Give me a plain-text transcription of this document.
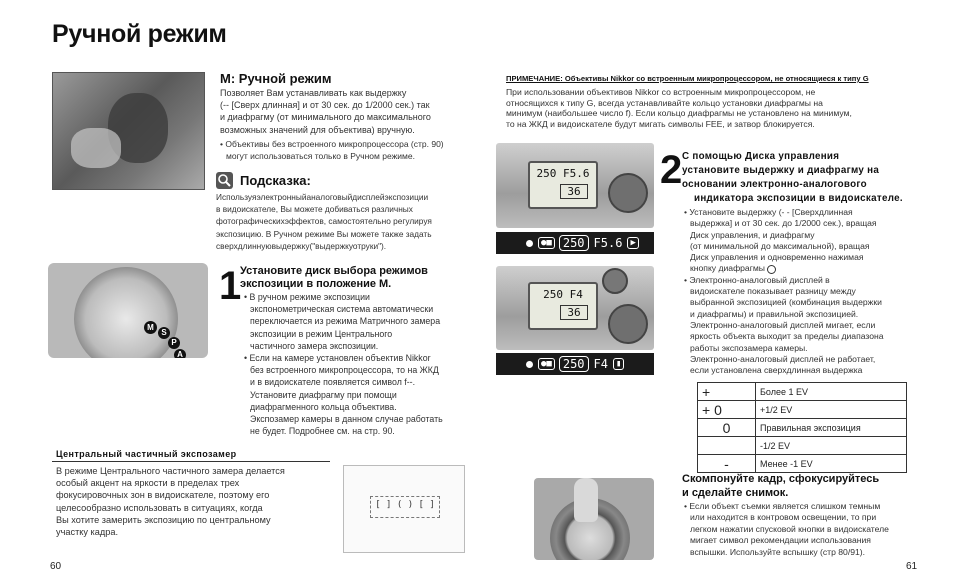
Ручной режим
M: Ручной режим
Позволяет Вам устанавливать как выдержку
(-- [Сверх длинная] и от 30 сек. до 1/2000 сек.) так
и диафрагму (от минимального до максимального
возможных значений для объектива) вручную.
• Объективы без встроенного микропроцессора (стр. 90)
могут использоваться только в Ручном режиме.
Подсказка:
Используяэлектронныйаналоговыйдисплейэкспозиции
в видоискателе, Вы можете добиваться различных
фотографическихэффектов, самостоятельно регулируя
экспозицию. В Ручном режиме Вы можете также задать
сверхдлиннуювыдержку("выдержкуотруки").
M
S
P
A
1
Установите диск выбора режимов
экспозиции в положение M.
• В ручном режиме экспозиции
экспонометрическая система автоматически
переключается из режима Матричного замера
экспозиции в режим Центрального
частичного замера экспозиции.
• Если на камере установлен объектив Nikkor
без встроенного микропроцессора, то на ЖКД
и в видоискателе появляется символ f--.
Установите диафрагму при помощи
диафрагменного кольца объектива.
Экспозамер камеры в данном случае работать
не будет. Подробнее см. на стр. 90.
Центральный частичный экспозамер
В режиме Центрального частичного замера делается
особый акцент на яркости в пределах трех
фокусировочных зон в видоискателе, поэтому его
целесообразно использовать в ситуациях, когда
Вы хотите замерить экспозицию по центральному
участку кадра.
[ ] ( ) [ ]
60
ПРИМЕЧАНИЕ: Объективы Nikkor со встроенным микропроцессором, не относящиеся к типу G
При использовании объективов Nikkor со встроенным микропроцессором, не
относящихся к типу G, всегда устанавливайте кольцо установки диафрагмы на
минимум (наибольшее число f). Если кольцо диафрагмы не установлено на минимум,
то на ЖКД и видоискателе будут мигать символы FEE, и затвор блокируется.
250 F5.6
36
●■ 250 F5.6 ▶
250 F4
36
●■ 250 F4 ▮
2 С помощью Диска управления
установите выдержку и диафрагму на
основании электронно-аналогового
индикатора экспозиции в видоискателе.
• Установите выдержку (- - [Сверхдлинная
выдержка] и от 30 сек. до 1/2000 сек.), вращая
Диск управления, и диафрагму
(от минимальной до максимальной), вращая
Диск управления и одновременно нажимая
кнопку диафрагмы
• Электронно-аналоговый дисплей в
видоискателе показывает разницу между
выбранной экспозицией (комбинация выдержки
и диафрагмы) и правильной экспозицией.
Электронно-аналоговый дисплей мигает, если
яркость объекта выходит за пределы диапазона
работы экспозамера камеры.
Электронно-аналоговый дисплей не работает,
если установлена сверхдлинная выдержка
+	Более 1 EV
+ 0	+1/2 EV
0	Правильная экспозиция
	-1/2 EV
-	Менее -1 EV
Скомпонуйте кадр, сфокусируйтесь
и сделайте снимок.
• Если объект съемки является слишком темным
или находится в контровом освещении, то при
легком нажатии спусковой кнопки в видоискателе
мигает символ рекомендации использования
вспышки. Используйте вспышку (стр 80/91).
61
